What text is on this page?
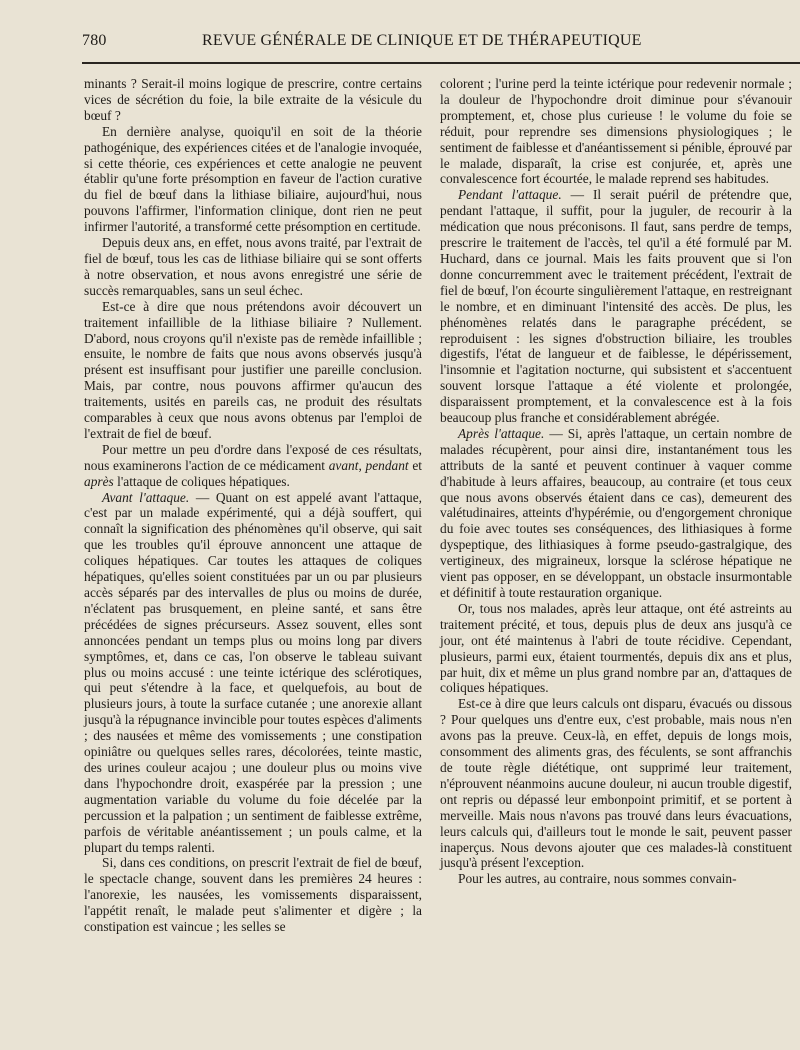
780	REVUE GÉNÉRALE DE CLINIQUE ET DE THÉRAPEUTIQUE

minants ? Serait-il moins logique de prescrire, contre certains vices de sécrétion du foie, la bile extraite de la vésicule du bœuf ?

En dernière analyse, quoiqu'il en soit de la théorie pathogénique, des expériences citées et de l'analogie invoquée, si cette théorie, ces expériences et cette analogie ne peuvent établir qu'une forte présomption en faveur de l'action curative du fiel de bœuf dans la lithiase biliaire, aujourd'hui, nous pouvons l'affirmer, l'information clinique, dont rien ne peut infirmer l'autorité, a transformé cette présomption en certitude.

Depuis deux ans, en effet, nous avons traité, par l'extrait de fiel de bœuf, tous les cas de lithiase biliaire qui se sont offerts à notre observation, et nous avons enregistré une série de succès remarquables, sans un seul échec.

Est-ce à dire que nous prétendons avoir découvert un traitement infaillible de la lithiase biliaire ? Nullement. D'abord, nous croyons qu'il n'existe pas de remède infaillible ; ensuite, le nombre de faits que nous avons observés jusqu'à présent est insuffisant pour justifier une pareille conclusion. Mais, par contre, nous pouvons affirmer qu'aucun des traitements, usités en pareils cas, ne produit des résultats comparables à ceux que nous avons obtenus par l'emploi de l'extrait de fiel de bœuf.

Pour mettre un peu d'ordre dans l'exposé de ces résultats, nous examinerons l'action de ce médicament avant, pendant et après l'attaque de coliques hépatiques.

Avant l'attaque. — Quant on est appelé avant l'attaque, c'est par un malade expérimenté, qui a déjà souffert, qui connaît la signification des phénomènes qu'il observe, qui sait que les troubles qu'il éprouve annoncent une attaque de coliques hépatiques. Car toutes les attaques de coliques hépatiques, qu'elles soient constituées par un ou par plusieurs accès séparés par des intervalles de plus ou moins de durée, n'éclatent pas brusquement, en pleine santé, et sans être précédées de signes précurseurs. Assez souvent, elles sont annoncées pendant un temps plus ou moins long par divers symptômes, et, dans ce cas, l'on observe le tableau suivant plus ou moins accusé : une teinte ictérique des sclérotiques, qui peut s'étendre à la face, et quelquefois, au bout de plusieurs jours, à toute la surface cutanée ; une anorexie allant jusqu'à la répugnance invincible pour toutes espèces d'aliments ; des nausées et même des vomissements ; une constipation opiniâtre ou quelques selles rares, décolorées, teinte mastic, des urines couleur acajou ; une douleur plus ou moins vive dans l'hypochondre droit, exaspérée par la pression ; une augmentation variable du volume du foie décelée par la percussion et la palpation ; un sentiment de faiblesse extrême, parfois de véritable anéantissement ; un pouls calme, et la plupart du temps ralenti.

Si, dans ces conditions, on prescrit l'extrait de fiel de bœuf, le spectacle change, souvent dans les premières 24 heures : l'anorexie, les nausées, les vomissements disparaissent, l'appétit renaît, le malade peut s'alimenter et digère ; la constipation est vaincue ; les selles se

colorent ; l'urine perd la teinte ictérique pour redevenir normale ; la douleur de l'hypochondre droit diminue pour s'évanouir promptement, et, chose plus curieuse ! le volume du foie se réduit, pour reprendre ses dimensions physiologiques ; le sentiment de faiblesse et d'anéantissement si pénible, éprouvé par le malade, disparaît, la crise est conjurée, et, après une convalescence fort écourtée, le malade reprend ses habitudes.

Pendant l'attaque. — Il serait puéril de prétendre que, pendant l'attaque, il suffit, pour la juguler, de recourir à la médication que nous préconisons. Il faut, sans perdre de temps, prescrire le traitement de l'accès, tel qu'il a été formulé par M. Huchard, dans ce journal. Mais les faits prouvent que si l'on donne concurremment avec le traitement précédent, l'extrait de fiel de bœuf, l'on écourte singulièrement l'attaque, en restreignant le nombre, et en diminuant l'intensité des accès. De plus, les phénomènes relatés dans le paragraphe précédent, se reproduisent : les signes d'obstruction biliaire, les troubles digestifs, l'état de langueur et de faiblesse, le dépérissement, l'insomnie et l'agitation nocturne, qui subsistent et s'accentuent souvent lorsque l'attaque a été violente et prolongée, disparaissent promptement, et la convalescence est à la fois beaucoup plus franche et considérablement abrégée.

Après l'attaque. — Si, après l'attaque, un certain nombre de malades récupèrent, pour ainsi dire, instantanément tous les attributs de la santé et peuvent continuer à vaquer comme d'habitude à leurs affaires, beaucoup, au contraire (et tous ceux que nous avons observés étaient dans ce cas), demeurent des valétudinaires, atteints d'hypérémie, ou d'engorgement chronique du foie avec toutes ses conséquences, des lithiasiques à forme dyspeptique, des lithiasiques à forme pseudo-gastralgique, des vertigineux, des migraineux, lorsque la sclérose hépatique ne vient pas opposer, en se développant, un obstacle insurmontable et définitif à toute restauration organique.

Or, tous nos malades, après leur attaque, ont été astreints au traitement précité, et tous, depuis plus de deux ans jusqu'à ce jour, ont été maintenus à l'abri de toute récidive. Cependant, plusieurs, parmi eux, étaient tourmentés, depuis dix ans et plus, par huit, dix et même un plus grand nombre par an, d'attaques de coliques hépatiques.

Est-ce à dire que leurs calculs ont disparu, évacués ou dissous ? Pour quelques uns d'entre eux, c'est probable, mais nous n'en avons pas la preuve. Ceux-là, en effet, depuis de longs mois, consomment des aliments gras, des féculents, se sont affranchis de toute règle diététique, ont supprimé leur traitement, n'éprouvent néanmoins aucune douleur, ni aucun trouble digestif, ont repris ou dépassé leur embonpoint primitif, et se portent à merveille. Mais nous n'avons pas trouvé dans leurs évacuations, leurs calculs qui, d'ailleurs tout le monde le sait, peuvent passer inaperçus. Nous devons ajouter que ces malades-là constituent jusqu'à présent l'exception.

Pour les autres, au contraire, nous sommes convain-
